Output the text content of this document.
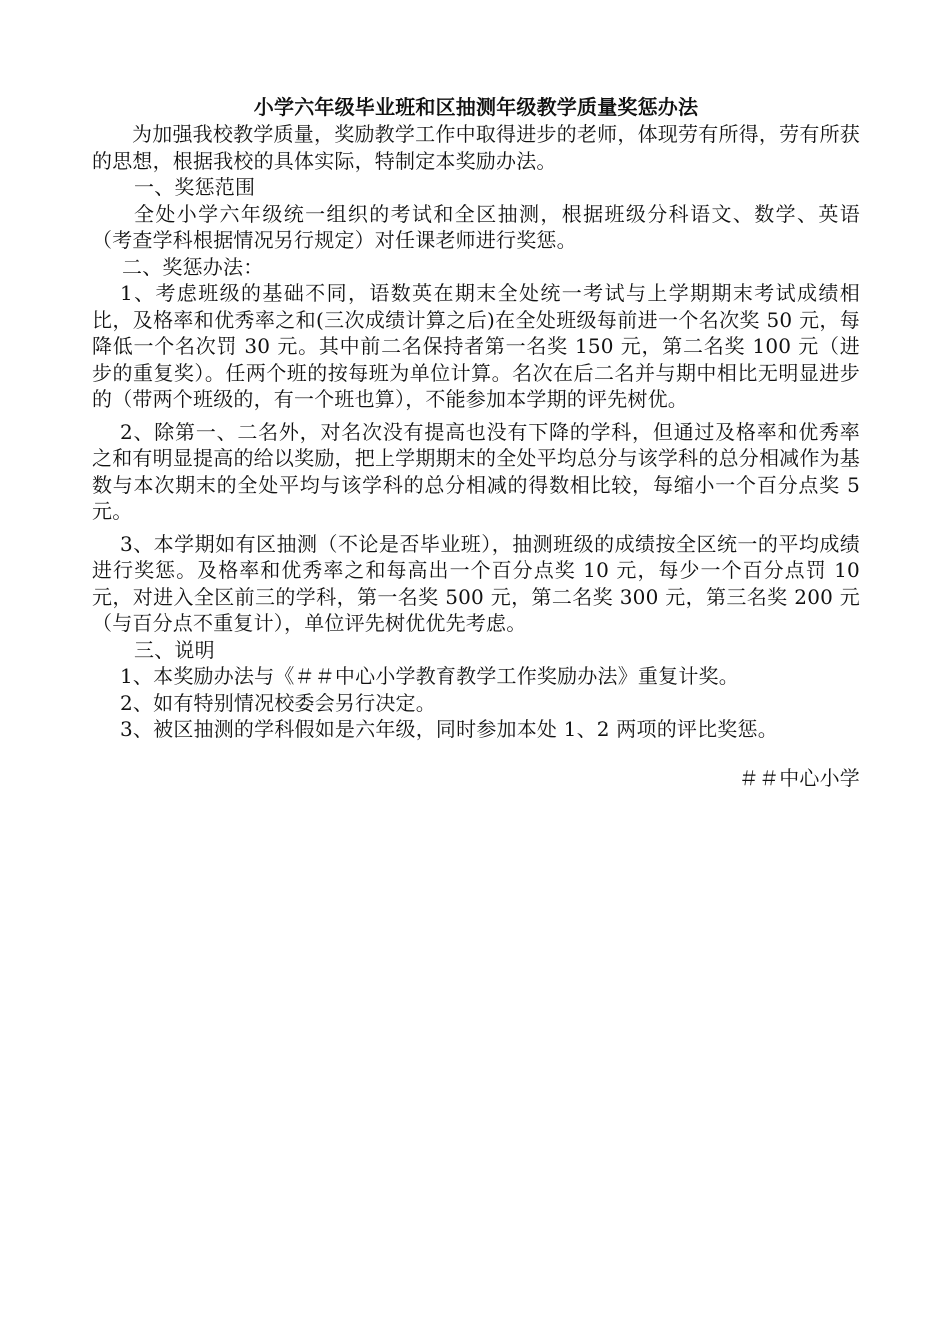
小学六年级毕业班和区抽测年级教学质量奖惩办法

为加强我校教学质量，奖励教学工作中取得进步的老师，体现劳有所得，劳有所获的思想，根据我校的具体实际，特制定本奖励办法。

一、奖惩范围

全处小学六年级统一组织的考试和全区抽测，根据班级分科语文、数学、英语（考查学科根据情况另行规定）对任课老师进行奖惩。

二、奖惩办法：

1、考虑班级的基础不同，语数英在期末全处统一考试与上学期期末考试成绩相比，及格率和优秀率之和(三次成绩计算之后)在全处班级每前进一个名次奖 50 元，每降低一个名次罚 30 元。其中前二名保持者第一名奖 150 元，第二名奖 100 元（进步的重复奖）。任两个班的按每班为单位计算。名次在后二名并与期中相比无明显进步的（带两个班级的，有一个班也算），不能参加本学期的评先树优。

2、除第一、二名外，对名次没有提高也没有下降的学科，但通过及格率和优秀率之和有明显提高的给以奖励，把上学期期末的全处平均总分与该学科的总分相减作为基数与本次期末的全处平均与该学科的总分相减的得数相比较，每缩小一个百分点奖 5 元。

3、本学期如有区抽测（不论是否毕业班），抽测班级的成绩按全区统一的平均成绩进行奖惩。及格率和优秀率之和每高出一个百分点奖 10 元，每少一个百分点罚 10 元，对进入全区前三的学科，第一名奖 500 元，第二名奖 300 元，第三名奖 200 元（与百分点不重复计），单位评先树优优先考虑。

三、说明

1、本奖励办法与《＃＃中心小学教育教学工作奖励办法》重复计奖。

2、如有特别情况校委会另行决定。

3、被区抽测的学科假如是六年级，同时参加本处 1、2 两项的评比奖惩。

＃＃中心小学
